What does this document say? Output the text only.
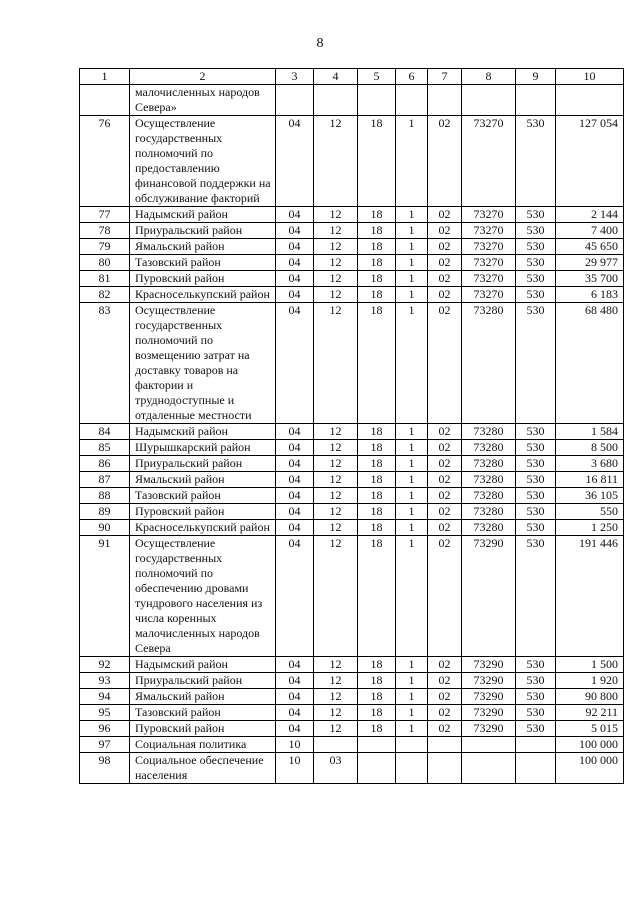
8
1	2	3	4	5	6	7	8	9	10
	малочисленных народов Севера»								
76	Осуществление государственных полномочий по предоставлению финансовой поддержки на обслуживание факторий	04	12	18	1	02	73270	530	127 054
77	Надымский район	04	12	18	1	02	73270	530	2 144
78	Приуральский район	04	12	18	1	02	73270	530	7 400
79	Ямальский район	04	12	18	1	02	73270	530	45 650
80	Тазовский район	04	12	18	1	02	73270	530	29 977
81	Пуровский район	04	12	18	1	02	73270	530	35 700
82	Красноселькупский район	04	12	18	1	02	73270	530	6 183
83	Осуществление государственных полномочий по возмещению затрат на доставку товаров на фактории и труднодоступные и отдаленные местности	04	12	18	1	02	73280	530	68 480
84	Надымский район	04	12	18	1	02	73280	530	1 584
85	Шурышкарский район	04	12	18	1	02	73280	530	8 500
86	Приуральский район	04	12	18	1	02	73280	530	3 680
87	Ямальский район	04	12	18	1	02	73280	530	16 811
88	Тазовский район	04	12	18	1	02	73280	530	36 105
89	Пуровский район	04	12	18	1	02	73280	530	550
90	Красноселькупский район	04	12	18	1	02	73280	530	1 250
91	Осуществление государственных полномочий по обеспечению дровами тундрового населения из числа коренных малочисленных народов Севера	04	12	18	1	02	73290	530	191 446
92	Надымский район	04	12	18	1	02	73290	530	1 500
93	Приуральский район	04	12	18	1	02	73290	530	1 920
94	Ямальский район	04	12	18	1	02	73290	530	90 800
95	Тазовский район	04	12	18	1	02	73290	530	92 211
96	Пуровский район	04	12	18	1	02	73290	530	5 015
97	Социальная политика	10							100 000
98	Социальное обеспечение населения	10	03						100 000
